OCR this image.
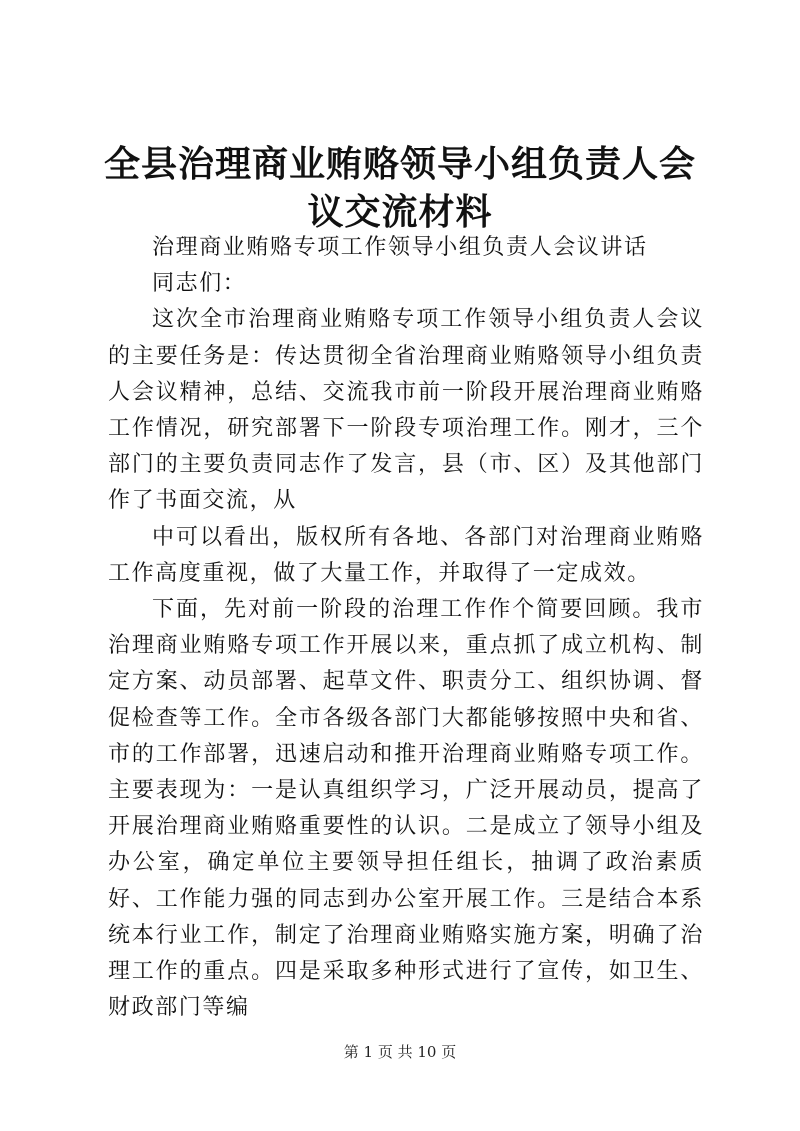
全县治理商业贿赂领导小组负责人会议交流材料

治理商业贿赂专项工作领导小组负责人会议讲话

同志们：

这次全市治理商业贿赂专项工作领导小组负责人会议的主要任务是：传达贯彻全省治理商业贿赂领导小组负责人会议精神，总结、交流我市前一阶段开展治理商业贿赂工作情况，研究部署下一阶段专项治理工作。刚才，三个部门的主要负责同志作了发言，县（市、区）及其他部门作了书面交流，从

中可以看出，版权所有各地、各部门对治理商业贿赂工作高度重视，做了大量工作，并取得了一定成效。

下面，先对前一阶段的治理工作作个简要回顾。我市治理商业贿赂专项工作开展以来，重点抓了成立机构、制定方案、动员部署、起草文件、职责分工、组织协调、督促检查等工作。全市各级各部门大都能够按照中央和省、市的工作部署，迅速启动和推开治理商业贿赂专项工作。主要表现为：一是认真组织学习，广泛开展动员，提高了开展治理商业贿赂重要性的认识。二是成立了领导小组及办公室，确定单位主要领导担任组长，抽调了政治素质好、工作能力强的同志到办公室开展工作。三是结合本系统本行业工作，制定了治理商业贿赂实施方案，明确了治理工作的重点。四是采取多种形式进行了宣传，如卫生、财政部门等编

第 1 页 共 10 页
